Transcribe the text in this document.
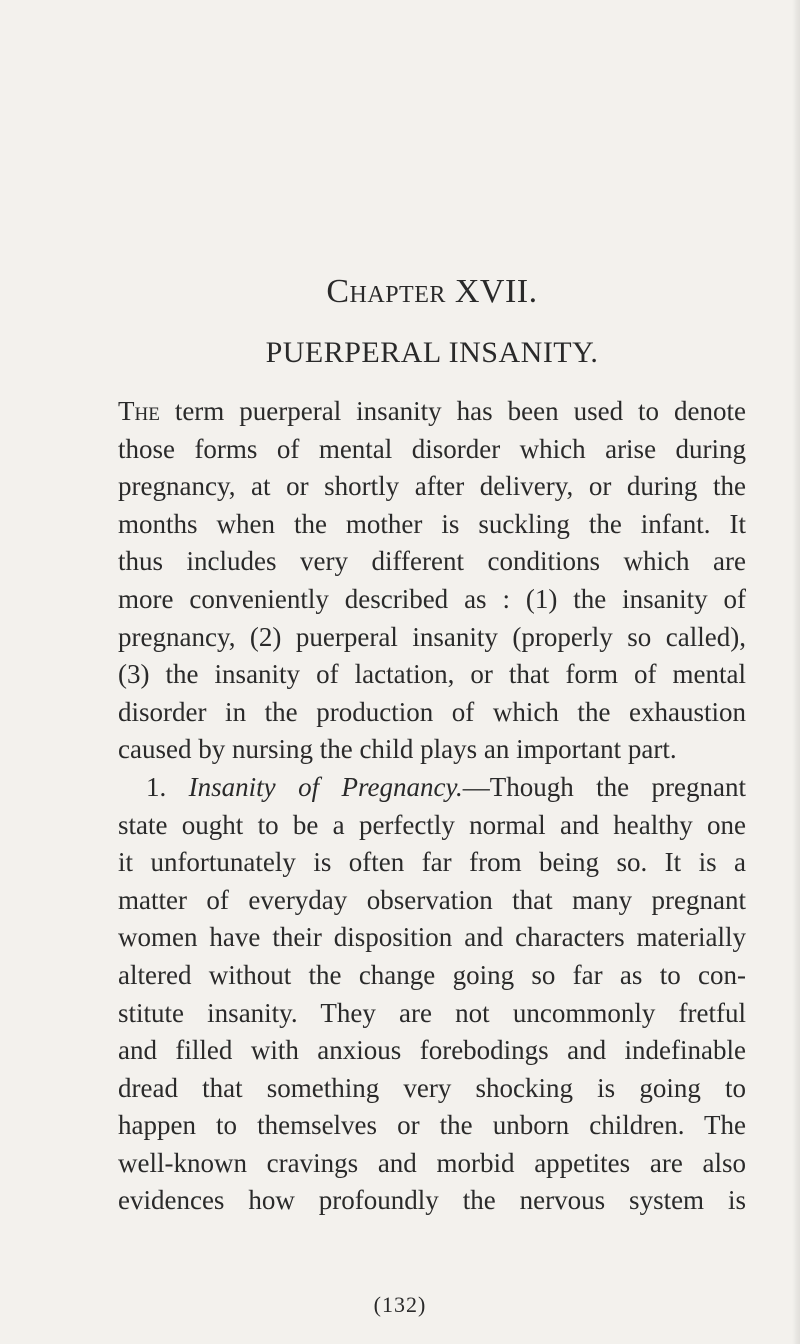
Chapter XVII.
PUERPERAL INSANITY.
The term puerperal insanity has been used to denote
those forms of mental disorder which arise during
pregnancy, at or shortly after delivery, or during the
months when the mother is suckling the infant. It
thus includes very different conditions which are
more conveniently described as : (1) the insanity of
pregnancy, (2) puerperal insanity (properly so called),
(3) the insanity of lactation, or that form of mental
disorder in the production of which the exhaustion
caused by nursing the child plays an important part.
1. Insanity of Pregnancy.—Though the pregnant
state ought to be a perfectly normal and healthy one
it unfortunately is often far from being so. It is a
matter of everyday observation that many pregnant
women have their disposition and characters materially
altered without the change going so far as to con-
stitute insanity. They are not uncommonly fretful
and filled with anxious forebodings and indefinable
dread that something very shocking is going to
happen to themselves or the unborn children. The
well-known cravings and morbid appetites are also
evidences how profoundly the nervous system is
(132)
